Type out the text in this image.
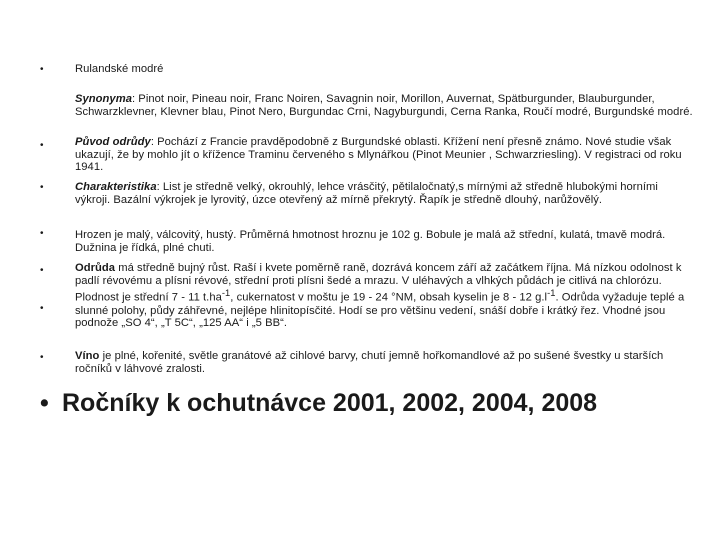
•
•
•
•
•
•
•
Rulandské modré
Synonyma: Pinot noir, Pineau noir, Franc Noiren, Savagnin noir, Morillon, Auvernat, Spätburgunder, Blauburgunder, Schwarzklevner, Klevner blau, Pinot Nero, Burgundac Crni, Nagyburgundi, Cerna Ranka, Roučí modré, Burgundské modré.
Původ odrůdy: Pochází z Francie pravděpodobně z Burgundské oblasti. Křížení není přesně známo. Nové studie však ukazují, že by mohlo jít o křížence Traminu červeného s Mlynářkou (Pinot Meunier , Schwarzriesling). V registraci od roku 1941.
Charakteristika: List je středně velký, okrouhlý, lehce vrásčitý, pětilaločnatý,s mírnými až středně hlubokými horními výkroji. Bazální výkrojek je lyrovitý, úzce otevřený až mírně překrytý. Řapík je středně dlouhý, narůžovělý.
Hrozen je malý, válcovitý, hustý. Průměrná hmotnost hroznu je 102 g. Bobule je malá až střední, kulatá, tmavě modrá. Dužnina je řídká, plné chuti.
Odrůda má středně bujný růst. Raší i kvete poměrně raně, dozrává koncem září až začátkem října. Má nízkou odolnost k padlí révovému a plísni révové, střední proti plísni šedé a mrazu. V uléhavých a vlhkých půdách je citlivá na chlorózu. Plodnost je střední 7 - 11 $t.ha^{-1}$, cukernatost v moštu je 19 - 24 °NM, obsah kyselin je 8 - 12 $g.l^{-1}$. Odrůda vyžaduje teplé a slunné polohy, půdy záhřevné, nejlépe hlinitopísčité. Hodí se pro většinu vedení, snáší dobře i krátký řez. Vhodné jsou podnože „SO 4“, „T 5C“, „125 AA“ i „5 BB“.
Víno je plné, kořenité, světle granátové až cihlové barvy, chutí jemně hořkomandlové až po sušené švestky u starších ročníků v láhvové zralosti.
• Ročníky k ochutnávce 2001, 2002, 2004, 2008
